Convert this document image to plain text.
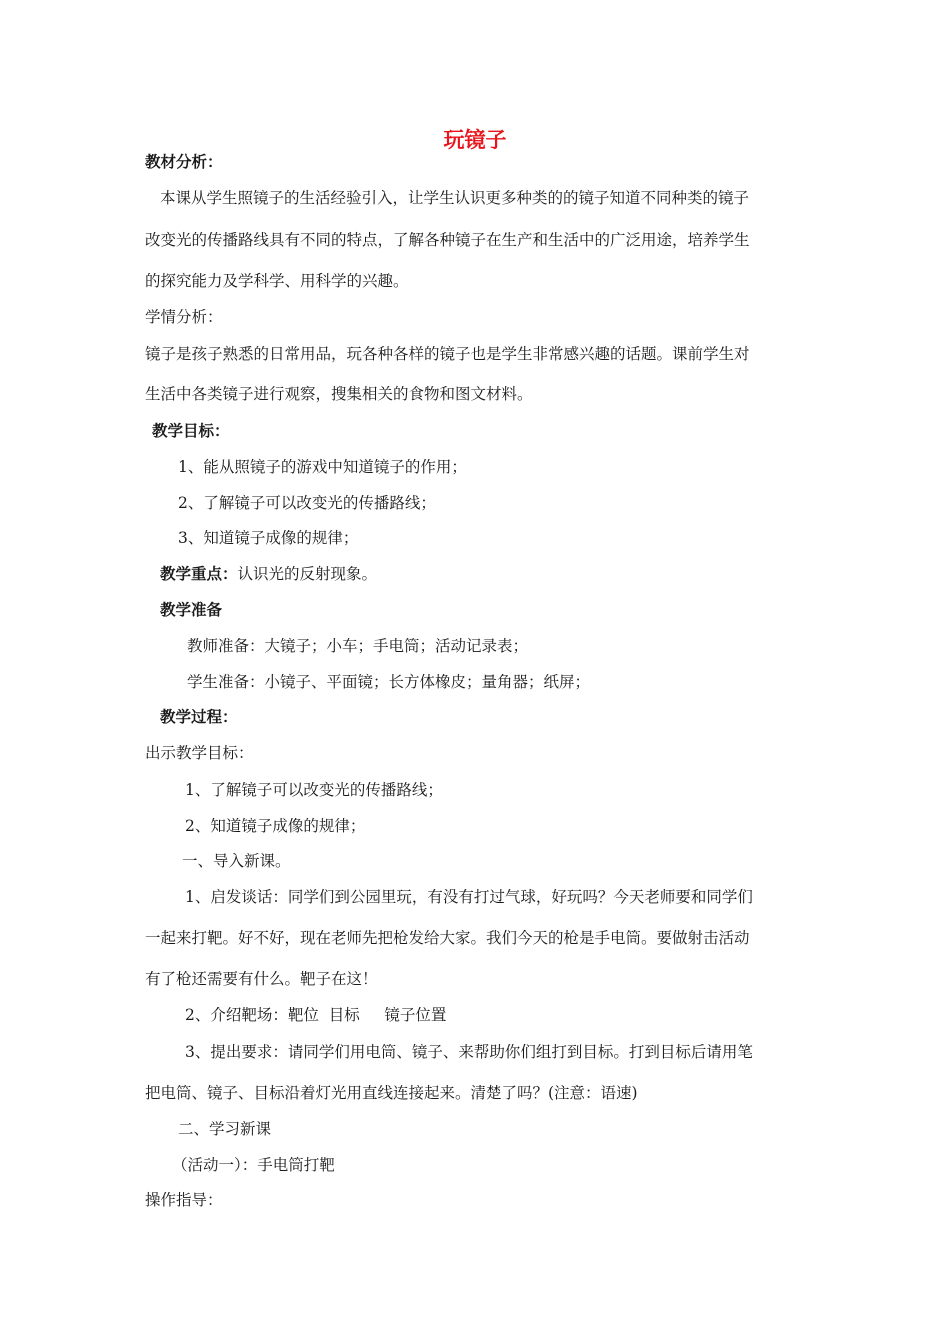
玩镜子

教材分析：

本课从学生照镜子的生活经验引入，让学生认识更多种类的的镜子知道不同种类的镜子

改变光的传播路线具有不同的特点，了解各种镜子在生产和生活中的广泛用途，培养学生

的探究能力及学科学、用科学的兴趣。

学情分析：

镜子是孩子熟悉的日常用品，玩各种各样的镜子也是学生非常感兴趣的话题。课前学生对

生活中各类镜子进行观察，搜集相关的食物和图文材料。

教学目标：

1、能从照镜子的游戏中知道镜子的作用；

2、了解镜子可以改变光的传播路线；

3、知道镜子成像的规律；

教学重点：认识光的反射现象。

教学准备

教师准备：大镜子；小车；手电筒；活动记录表；

学生准备：小镜子、平面镜；长方体橡皮；量角器；纸屏；

教学过程：

出示教学目标：

1、了解镜子可以改变光的传播路线；

2、知道镜子成像的规律；

一、导入新课。

1、启发谈话：同学们到公园里玩，有没有打过气球，好玩吗？今天老师要和同学们

一起来打靶。好不好，现在老师先把枪发给大家。我们今天的枪是手电筒。要做射击活动

有了枪还需要有什么。靶子在这！

2、介绍靶场：靶位  目标     镜子位置

3、提出要求：请同学们用电筒、镜子、来帮助你们组打到目标。打到目标后请用笔

把电筒、镜子、目标沿着灯光用直线连接起来。清楚了吗？(注意：语速)

二、学习新课

（活动一）：手电筒打靶

操作指导：
